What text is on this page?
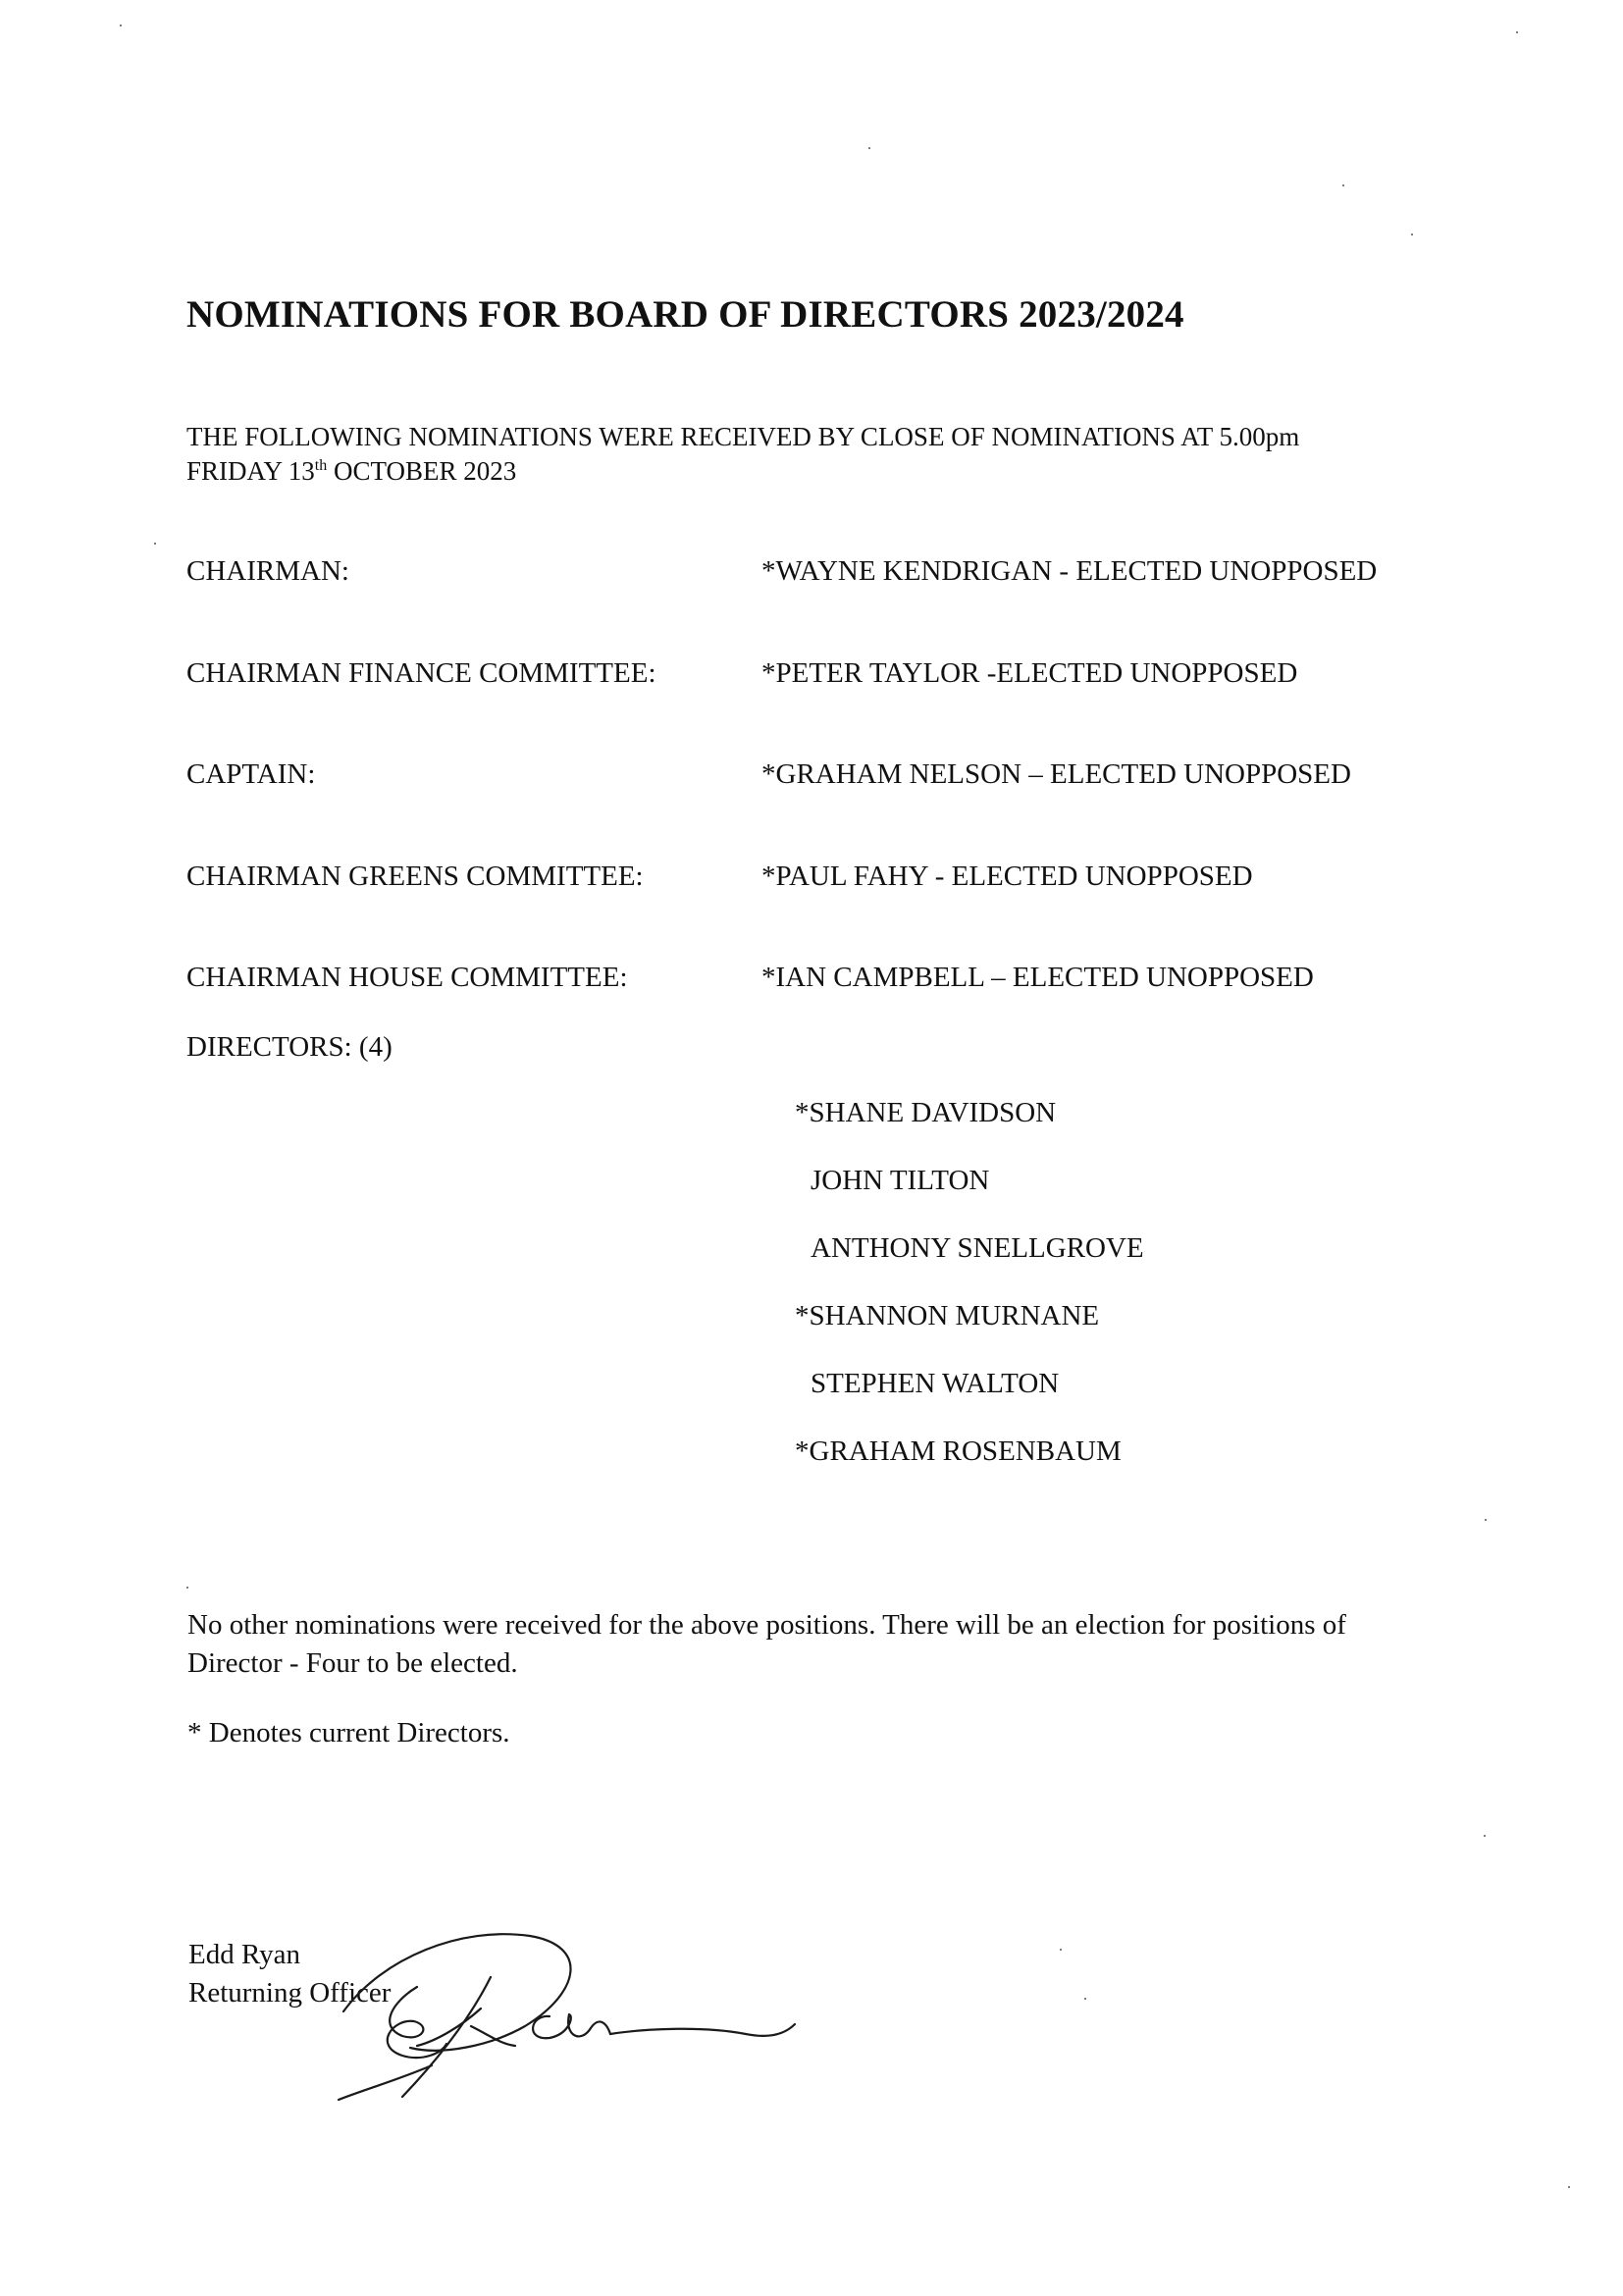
NOMINATIONS FOR BOARD OF DIRECTORS 2023/2024
THE FOLLOWING NOMINATIONS WERE RECEIVED BY CLOSE OF NOMINATIONS AT 5.00pm
FRIDAY 13th OCTOBER 2023
CHAIRMAN:	*WAYNE KENDRIGAN - ELECTED UNOPPOSED
CHAIRMAN FINANCE COMMITTEE:	*PETER TAYLOR -ELECTED UNOPPOSED
CAPTAIN:	*GRAHAM NELSON – ELECTED UNOPPOSED
CHAIRMAN GREENS COMMITTEE:	*PAUL FAHY - ELECTED UNOPPOSED
CHAIRMAN HOUSE COMMITTEE:	*IAN CAMPBELL – ELECTED UNOPPOSED
DIRECTORS: (4)
*SHANE DAVIDSON
JOHN TILTON
ANTHONY SNELLGROVE
*SHANNON MURNANE
STEPHEN WALTON
*GRAHAM ROSENBAUM

No other nominations were received for the above positions. There will be an election for positions of Director - Four to be elected.

* Denotes current Directors.
Edd Ryan
Returning Officer
